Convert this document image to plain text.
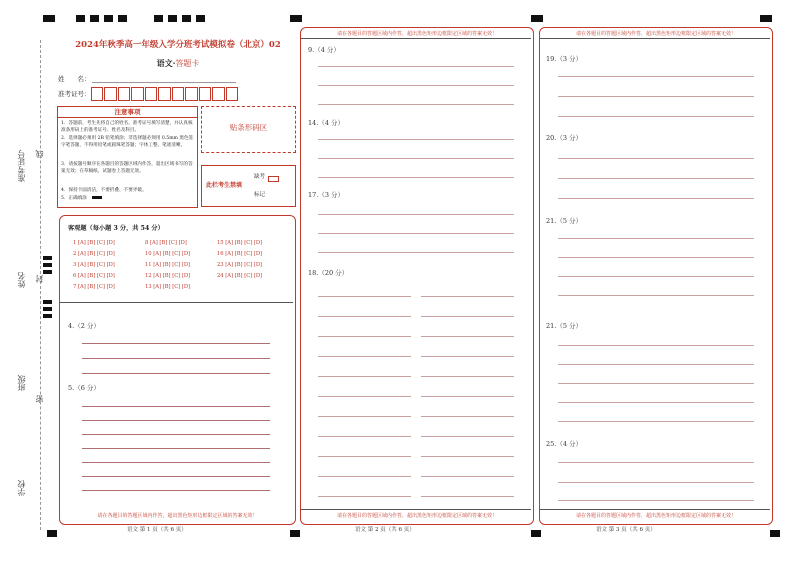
准考证号 线
姓名 封
班级
密
学校
2024年秋季高一年级入学分班考试模拟卷（北京）02
语文·答题卡
姓　　名：
准考证号：
注意事项
1．答题前，考生先将自己的姓名、准考证号填写清楚，并认真核准条形码上的准考证号、姓名及科目。
2．选择题必须用 2B 铅笔填涂；非选择题必须用 0.5mm 黑色签字笔答题，不得用铅笔或圆珠笔答题；字体工整、笔迹清晰。
3．请按题号顺序在各题目的答题区域内作答，超出区域书写的答案无效；在草稿纸、试题卷上答题无效。
4．保持卡面清洁，不要折叠、不要弄破。
5．正确填涂
贴条形码区
此栏考生禁填
缺考
标记
客观题（每小题 3 分，共 54 分）
1 [A] [B] [C] [D]
2 [A] [B] [C] [D]
3 [A] [B] [C] [D]
6 [A] [B] [C] [D]
7 [A] [B] [C] [D]
8 [A] [B] [C] [D]
10 [A] [B] [C] [D]
11 [A] [B] [C] [D]
12 [A] [B] [C] [D]
13 [A] [B] [C] [D]
15 [A] [B] [C] [D]
16 [A] [B] [C] [D]
23 [A] [B] [C] [D]
24 [A] [B] [C] [D]
4.（2 分）
5.（6 分）
请在各题目的答题区域内作答，超出黑色矩形边框限定区域的答案无效！
语文 第 1 页（共 6 页）
请在各题目的答题区域内作答，超出黑色矩形边框限定区域的答案无效！
9.（4 分）
14.（4 分）
17.（3 分）
18.（20 分）
请在各题目的答题区域内作答，超出黑色矩形边框限定区域的答案无效！
语文 第 2 页（共 6 页）
请在各题目的答题区域内作答，超出黑色矩形边框限定区域的答案无效！
19.（3 分）
20.（3 分）
21.（5 分）
21.（5 分）
25.（4 分）
请在各题目的答题区域内作答，超出黑色矩形边框限定区域的答案无效！
语文 第 3 页（共 6 页）
